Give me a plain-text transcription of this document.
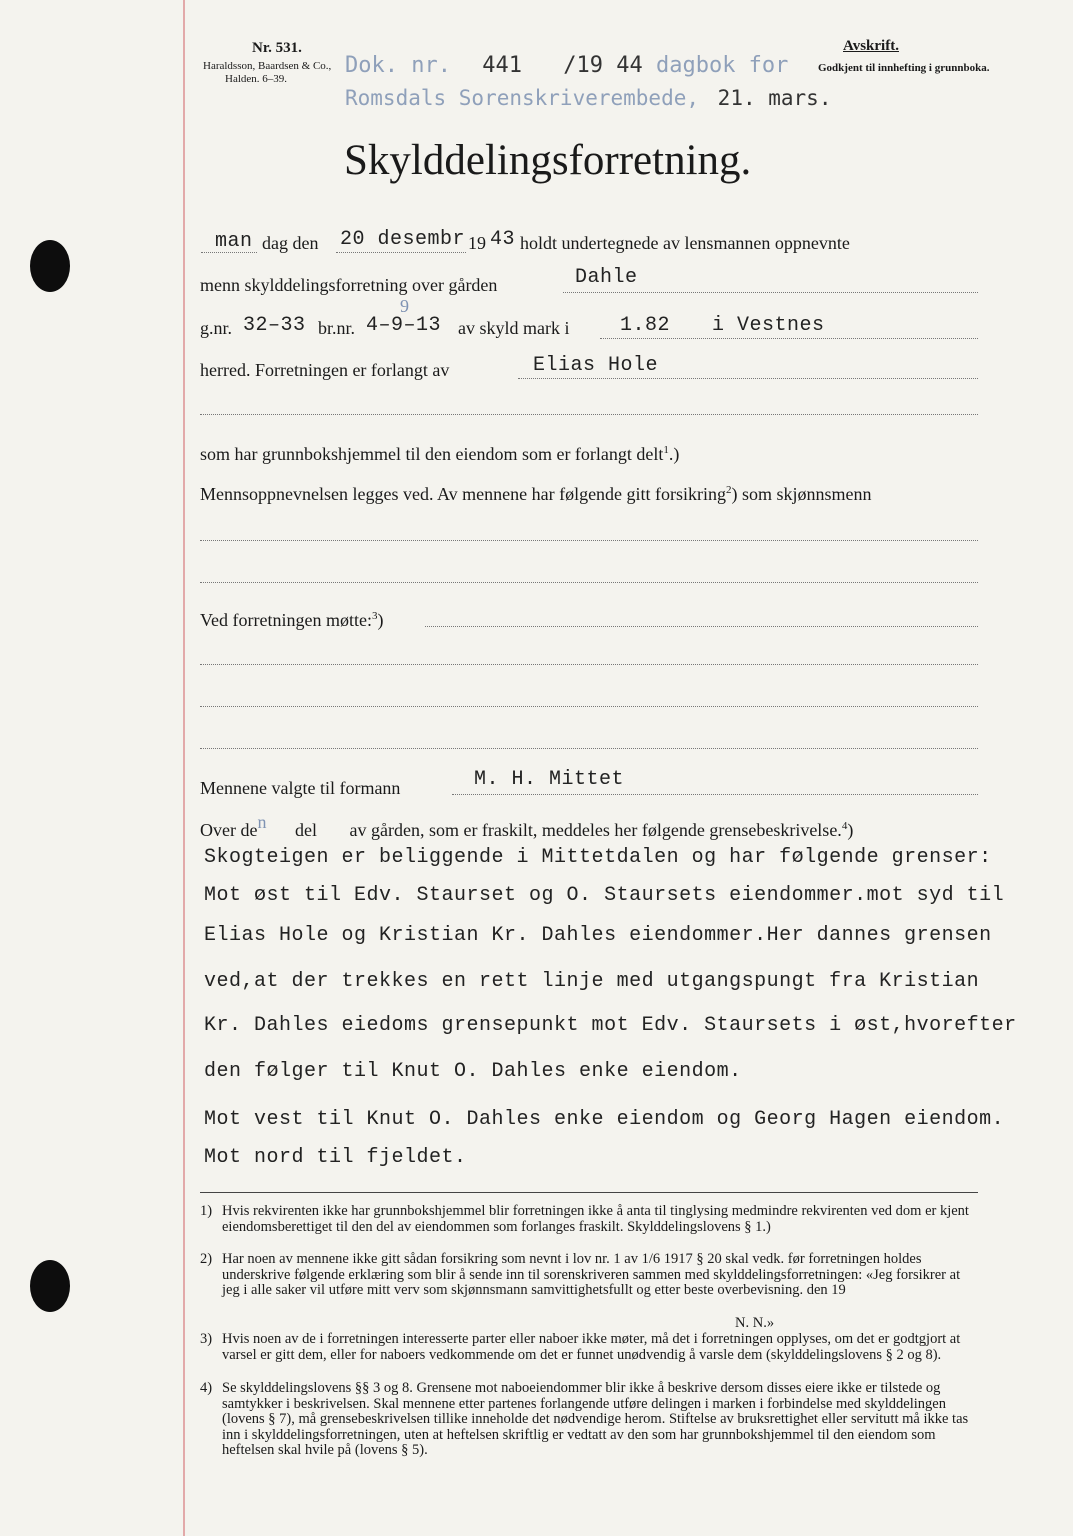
Nr. 531.
Haraldsson, Baardsen & Co.,
Halden. 6–39.
Avskrift.
Godkjent til innhefting i grunnboka.
Dok. nr. 441 /19 44 dagbok for
Romsdals Sorenskriverembede, 21. mars.
Skylddelingsforretning.
man dag den 20 desembr 19 43 holdt undertegnede av lensmannen oppnevnte
menn skylddelingsforretning over gården	Dahle
g.nr. 32–33 br.nr.
9
4–9–13 av skyld mark i	1.82 i Vestnes
herred. Forretningen er forlangt av	Elias Hole
som har grunnbokshjemmel til den eiendom som er forlangt delt$^1$.)
Mennsoppnevnelsen legges ved. Av mennene har følgende gitt forsikring$^2$) som skjønnsmenn
Ved forretningen møtte:$^3$)
Mennene valgte til formann	M. H. Mittet
Over den del av gården, som er fraskilt, meddeles her følgende grensebeskrivelse.$^4$)
Skogteigen er beliggende i Mittetdalen og har følgende grenser:
Mot øst til Edv. Staurset og O. Staursets eiendommer.mot syd til
Elias Hole og Kristian Kr. Dahles eiendommer.Her dannes grensen
ved,at der trekkes en rett linje med utgangspungt fra Kristian
Kr. Dahles eiedoms grensepunkt mot Edv. Staursets i øst,hvorefter
den følger til Knut O. Dahles enke eiendom.
Mot vest til Knut O. Dahles enke eiendom og Georg Hagen eiendom.
Mot nord til fjeldet.
1) Hvis rekvirenten ikke har grunnbokshjemmel blir forretningen ikke å anta til tinglysing medmindre rekvirenten ved dom er kjent eiendomsberettiget til den del av eiendommen som forlanges fraskilt. Skylddelingslovens § 1.)
2) Har noen av mennene ikke gitt sådan forsikring som nevnt i lov nr. 1 av 1/6 1917 § 20 skal vedk. før forretningen holdes underskrive følgende erklæring som blir å sende inn til sorenskriveren sammen med skylddelingsforretningen: «Jeg forsikrer at jeg i alle saker vil utføre mitt verv som skjønnsmann samvittighetsfullt og etter beste overbevisning. den 19
N. N.»
3) Hvis noen av de i forretningen interesserte parter eller naboer ikke møter, må det i forretningen opplyses, om det er godtgjort at varsel er gitt dem, eller for naboers vedkommende om det er funnet unødvendig å varsle dem (skylddelingslovens § 2 og 8).
4) Se skylddelingslovens §§ 3 og 8. Grensene mot naboeiendommer blir ikke å beskrive dersom disses eiere ikke er tilstede og samtykker i beskrivelsen. Skal mennene etter partenes forlangende utføre delingen i marken i forbindelse med skylddelingen (lovens § 7), må grensebeskrivelsen tillike inneholde det nødvendige herom. Stiftelse av bruksrettighet eller servitutt må ikke tas inn i skylddelingsforretningen, uten at heftelsen skriftlig er vedtatt av den som har grunnbokshjemmel til den eiendom som heftelsen skal hvile på (lovens § 5).
